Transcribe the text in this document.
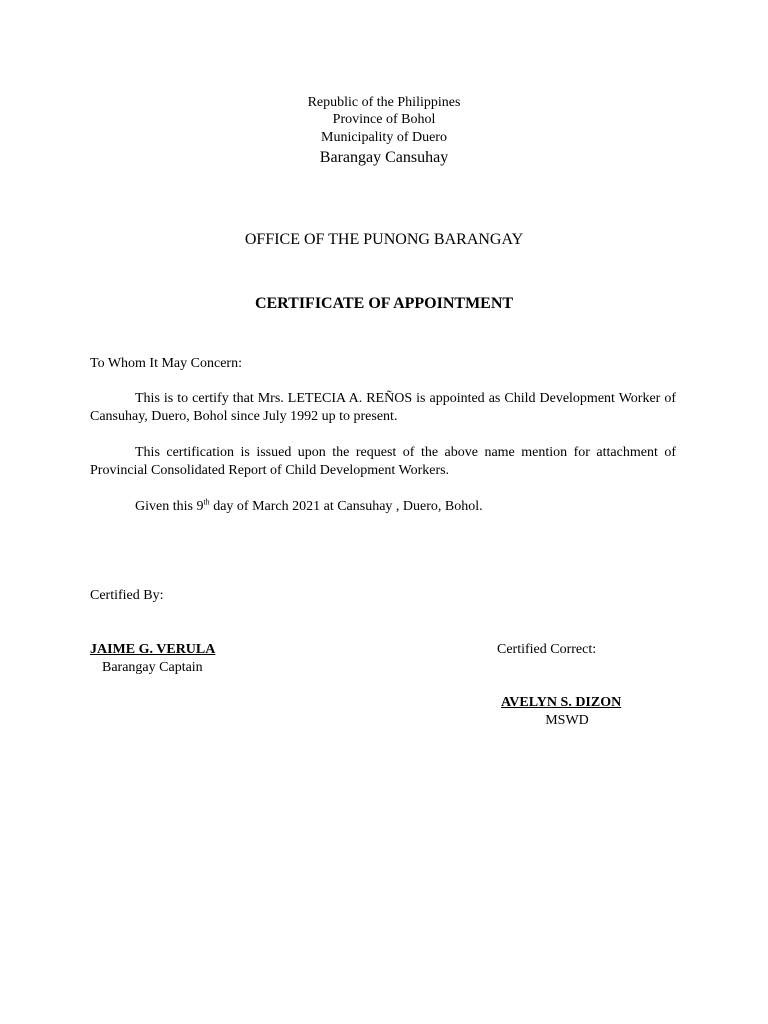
Republic of the Philippines
Province of Bohol
Municipality of Duero
Barangay Cansuhay
OFFICE OF THE PUNONG BARANGAY
CERTIFICATE OF APPOINTMENT
To Whom It May Concern:
This is to certify that Mrs. LETECIA A. REÑOS is appointed as Child Development Worker of Cansuhay, Duero, Bohol since July 1992 up to present.
This certification is issued upon the request of the above name mention for attachment of Provincial Consolidated Report of Child Development Workers.
Given this 9th day of March 2021 at Cansuhay , Duero, Bohol.
Certified By:
JAIME G. VERULA
Barangay Captain
Certified Correct:
AVELYN S. DIZON
MSWD
